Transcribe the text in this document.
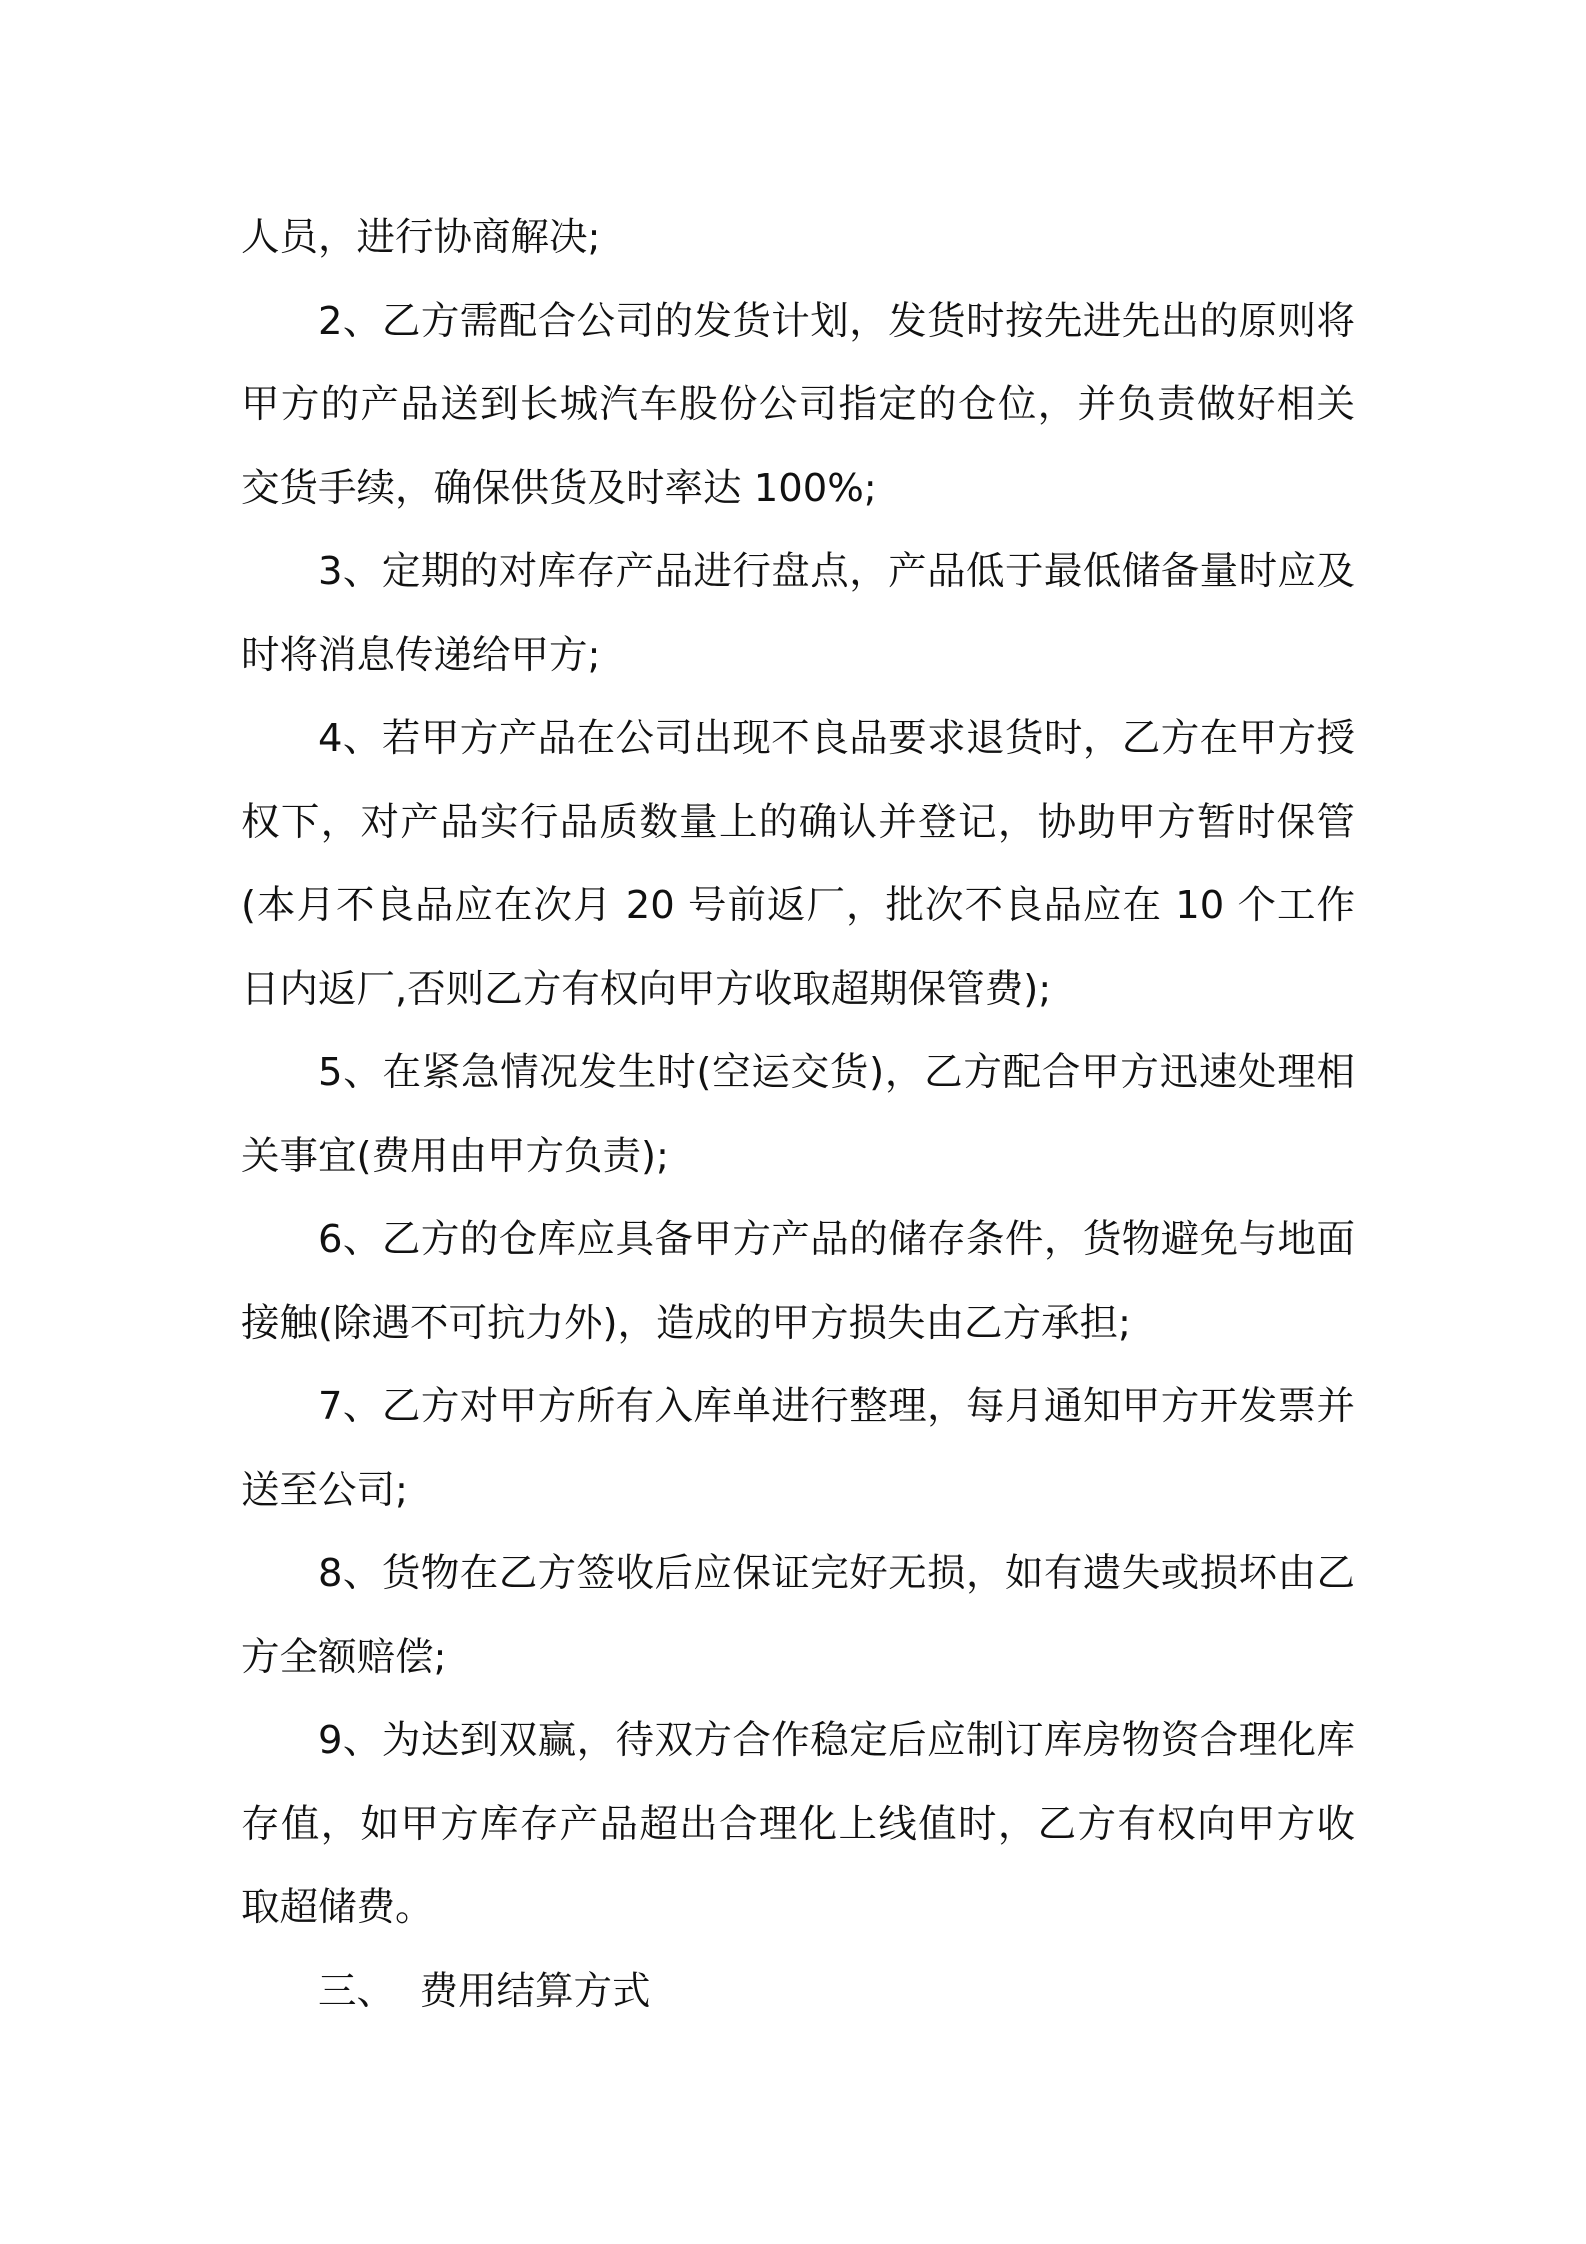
人员，进行协商解决;

2、乙方需配合公司的发货计划，发货时按先进先出的原则将甲方的产品送到长城汽车股份公司指定的仓位，并负责做好相关交货手续，确保供货及时率达 100%;

3、定期的对库存产品进行盘点，产品低于最低储备量时应及时将消息传递给甲方;

4、若甲方产品在公司出现不良品要求退货时，乙方在甲方授权下，对产品实行品质数量上的确认并登记，协助甲方暂时保管(本月不良品应在次月 20 号前返厂，批次不良品应在 10 个工作日内返厂,否则乙方有权向甲方收取超期保管费);

5、在紧急情况发生时(空运交货)，乙方配合甲方迅速处理相关事宜(费用由甲方负责);

6、乙方的仓库应具备甲方产品的储存条件，货物避免与地面接触(除遇不可抗力外)，造成的甲方损失由乙方承担;

7、乙方对甲方所有入库单进行整理，每月通知甲方开发票并送至公司;

8、货物在乙方签收后应保证完好无损，如有遗失或损坏由乙方全额赔偿;

9、为达到双赢，待双方合作稳定后应制订库房物资合理化库存值，如甲方库存产品超出合理化上线值时，乙方有权向甲方收取超储费。

三、  费用结算方式
